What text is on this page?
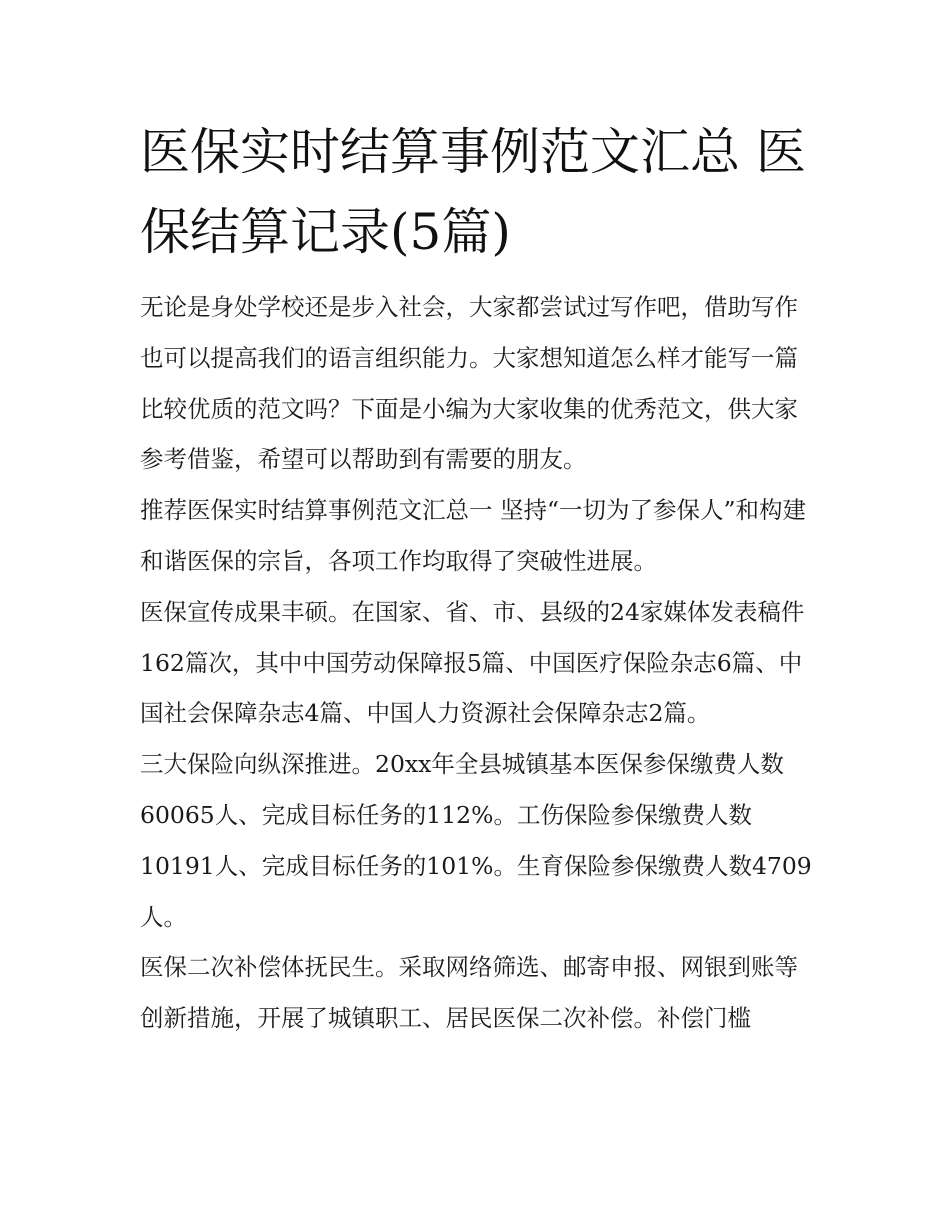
医保实时结算事例范文汇总 医保结算记录(5篇)

无论是身处学校还是步入社会，大家都尝试过写作吧，借助写作也可以提高我们的语言组织能力。大家想知道怎么样才能写一篇比较优质的范文吗？下面是小编为大家收集的优秀范文，供大家参考借鉴，希望可以帮助到有需要的朋友。

推荐医保实时结算事例范文汇总一 坚持“一切为了参保人”和构建和谐医保的宗旨，各项工作均取得了突破性进展。

医保宣传成果丰硕。在国家、省、市、县级的24家媒体发表稿件162篇次，其中中国劳动保障报5篇、中国医疗保险杂志6篇、中国社会保障杂志4篇、中国人力资源社会保障杂志2篇。

三大保险向纵深推进。20xx年全县城镇基本医保参保缴费人数60065人、完成目标任务的112%。工伤保险参保缴费人数10191人、完成目标任务的101%。生育保险参保缴费人数4709人。

医保二次补偿体抚民生。采取网络筛选、邮寄申报、网银到账等创新措施，开展了城镇职工、居民医保二次补偿。补偿门槛
